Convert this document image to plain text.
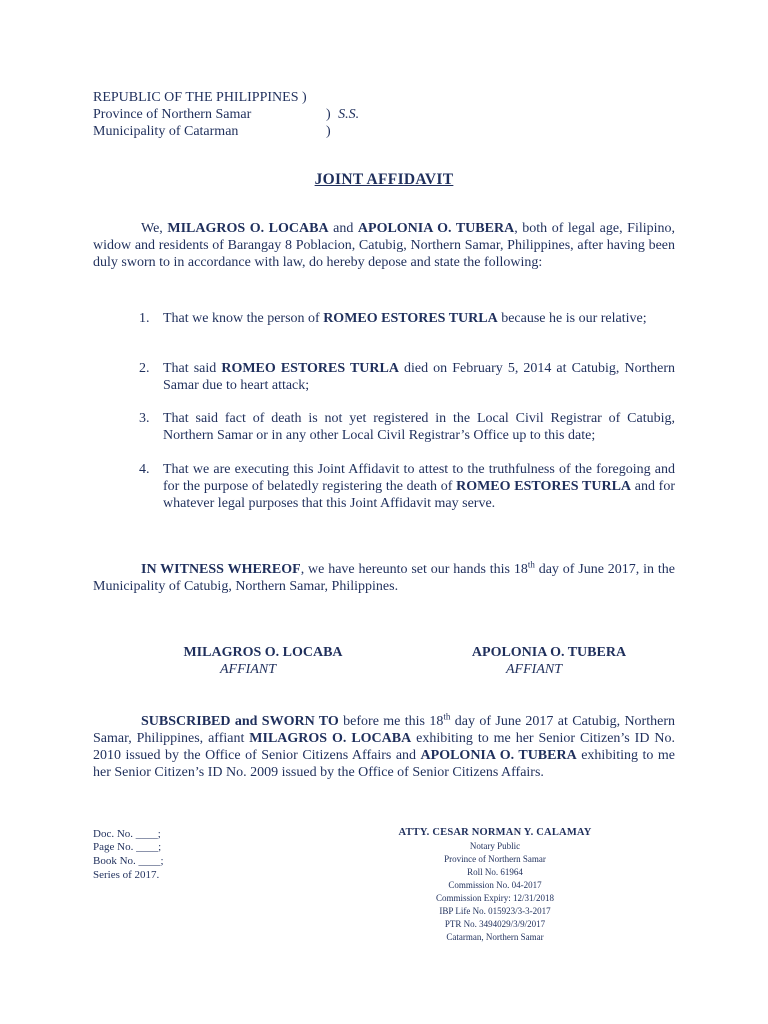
REPUBLIC OF THE PHILIPPINES )
Province of Northern Samar	) S.S.
Municipality of Catarman	)
JOINT AFFIDAVIT
We, MILAGROS O. LOCABA and APOLONIA O. TUBERA, both of legal age, Filipino, widow and residents of Barangay 8 Poblacion, Catubig, Northern Samar, Philippines, after having been duly sworn to in accordance with law, do hereby depose and state the following:
1. That we know the person of ROMEO ESTORES TURLA because he is our relative;
2. That said ROMEO ESTORES TURLA died on February 5, 2014 at Catubig, Northern Samar due to heart attack;
3. That said fact of death is not yet registered in the Local Civil Registrar of Catubig, Northern Samar or in any other Local Civil Registrar’s Office up to this date;
4. That we are executing this Joint Affidavit to attest to the truthfulness of the foregoing and for the purpose of belatedly registering the death of ROMEO ESTORES TURLA and for whatever legal purposes that this Joint Affidavit may serve.
IN WITNESS WHEREOF, we have hereunto set our hands this 18th day of June 2017, in the Municipality of Catubig, Northern Samar, Philippines.
MILAGROS O. LOCABA
AFFIANT
APOLONIA O. TUBERA
AFFIANT
SUBSCRIBED and SWORN TO before me this 18th day of June 2017 at Catubig, Northern Samar, Philippines, affiant MILAGROS O. LOCABA exhibiting to me her Senior Citizen’s ID No. 2010 issued by the Office of Senior Citizens Affairs and APOLONIA O. TUBERA exhibiting to me her Senior Citizen’s ID No. 2009 issued by the Office of Senior Citizens Affairs.
Doc. No. ____;
Page No. ____;
Book No. ____;
Series of 2017.
ATTY. CESAR NORMAN Y. CALAMAY
Notary Public
Province of Northern Samar
Roll No. 61964
Commission No. 04-2017
Commission Expiry: 12/31/2018
IBP Life No. 015923/3-3-2017
PTR No. 3494029/3/9/2017
Catarman, Northern Samar
